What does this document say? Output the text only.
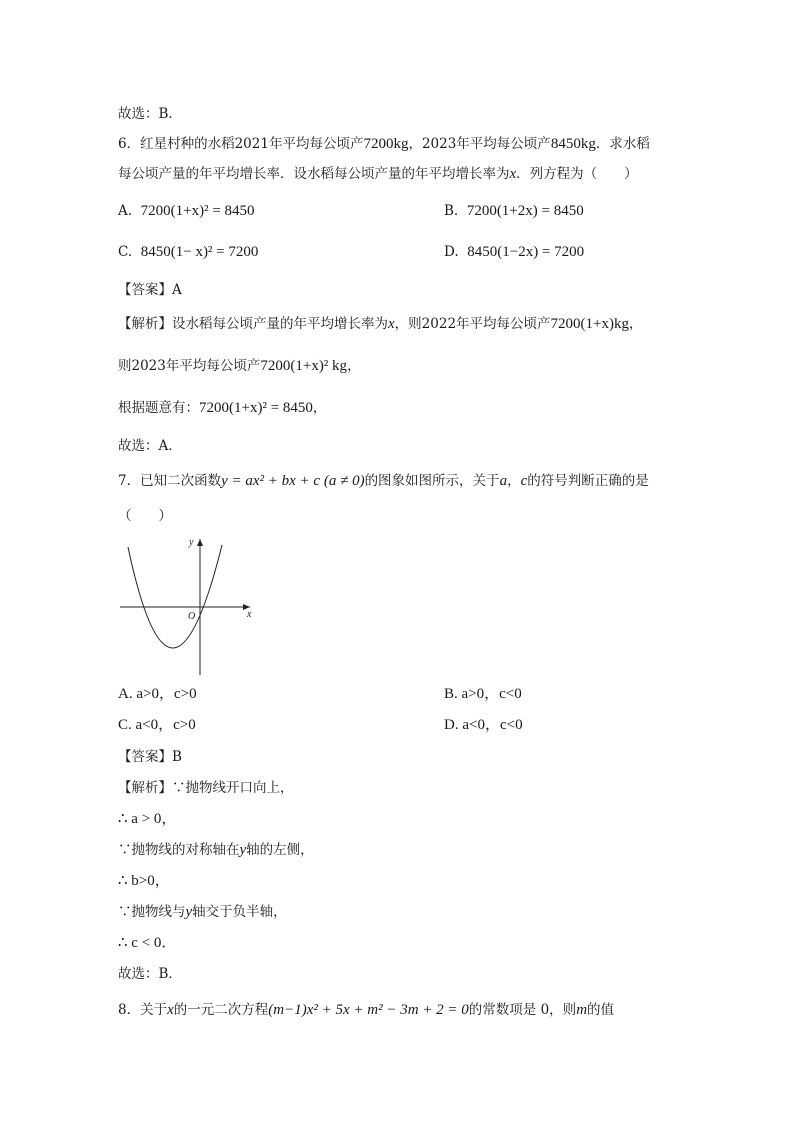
故选：B．
6．红星村种的水稻2021年平均每公顷产7200kg，2023年平均每公顷产8450kg．求水稻
每公顷产量的年平均增长率．设水稻每公顷产量的年平均增长率为x．列方程为（　　）
A. 7200(1+x)² = 8450	B. 7200(1+2x) = 8450
C. 8450(1− x)² = 7200	D. 8450(1−2x) = 7200
【答案】A
【解析】设水稻每公顷产量的年平均增长率为x，则2022年平均每公顷产7200(1+x)kg，
则2023年平均每公顷产7200(1+x)² kg，
根据题意有：7200(1+x)² = 8450，
故选：A．
7．已知二次函数y = ax² + bx + c (a ≠ 0)的图象如图所示，关于a，c的符号判断正确的是
（　　）
y
x
O
A. a>0，c>0	B. a>0，c<0
C. a<0，c>0	D. a<0，c<0
【答案】B
【解析】∵抛物线开口向上，
∴ a > 0，
∵抛物线的对称轴在y轴的左侧，
∴ b>0，
∵抛物线与y轴交于负半轴，
∴ c < 0．
故选：B．
8．关于x的一元二次方程(m−1)x² + 5x + m² − 3m + 2 = 0的常数项是 0，则m的值
